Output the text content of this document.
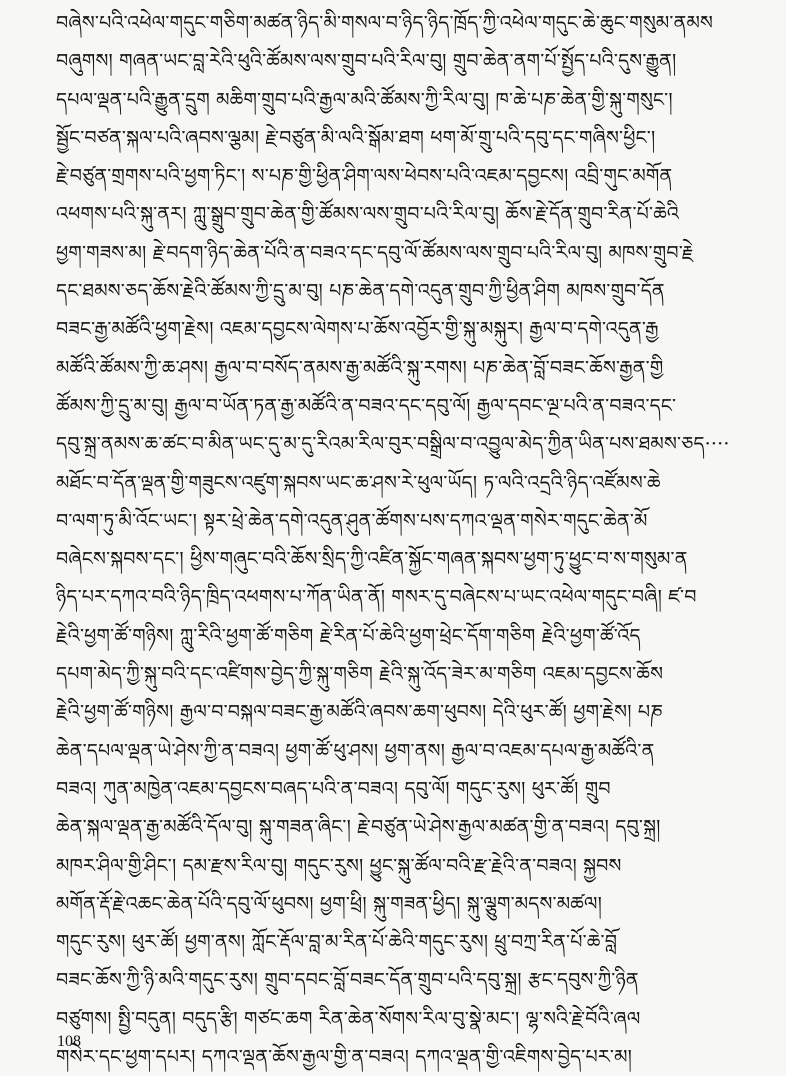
བཞེས་པའི་འཕེལ་གདུང་གཅིག་མཚན་ཉིད་མི་གསལ་བ་ཉིད་ཉིད་ཁྲོད་ཀྱི་འཕེལ་གདུང་ཆེ་ཆུང་གསུམ་ནམས
བཞུགས། གཞན་ཡང་བླ་རེའི་ཕུའི་ཚོམས་ལས་གྲུབ་པའི་རིལ་བུ། གྲུབ་ཆེན་ནག་པོ་སྤྱོད་པའི་དུས་རྒྱུན།
དཔལ་ལྡན་པའི་རྒྱུན་དྲུག མཆིག་གྲུབ་པའི་རྒྱལ་མའི་ཚོམས་ཀྱི་རིལ་བུ། ཁ་ཆེ་པཎ་ཆེན་གྱི་སྐུ་གསུང་།
སྦྱོང་བཙན་སྐལ་པའི་ཞབས་ལྕམ། རྗེ་བཙུན་མི་ལའི་སྒོམ་ཐག ཕག་མོ་གྲུ་པའི་དབུ་དང་གཞིས་ཕྱིང་།
རྗེ་བཙུན་གྲགས་པའི་ཕྱག་ཏིང་། ས་པཎ་གྱི་ཕྱིན་ཤིག་ལས་ཕེབས་པའི་འཇམ་དབྱངས། འབྲི་གུང་མགོན
འཕགས་པའི་སྐུ་ནར། ཀླུ་སྒྲུབ་གྲུབ་ཆེན་གྱི་ཚོམས་ལས་གྲུབ་པའི་རིལ་བུ། ཆོས་རྗེ་དོན་གྲུབ་རིན་པོ་ཆེའི
ཕྱག་གཟས་མ། རྗེ་བདག་ཉིད་ཆེན་པོའི་ན་བཟའ་དང་དབུ་ལོ་ཚོམས་ལས་གྲུབ་པའི་རིལ་བུ། མཁས་གྲུབ་རྗེ
དང་ཐམས་ཅད་ཆོས་རྗེའི་ཚོམས་ཀྱི་དྲུ་མ་བུ། པཎ་ཆེན་དགེ་འདུན་གྲུབ་ཀྱི་ཕྱིན་ཤིག མཁས་གྲུབ་དོན
བཟང་རྒྱ་མཚོའི་ཕྱག་རྗེས། འཇམ་དབྱངས་ལེགས་པ་ཆོས་འབྱོར་གྱི་སྐུ་མསྐུར། རྒྱལ་བ་དགེ་འདུན་རྒྱ
མཚོའི་ཚོམས་ཀྱི་ཆ་ཤས། རྒྱལ་བ་བསོད་ནམས་རྒྱ་མཚོའི་སྐུ་རགས། པཎ་ཆེན་བློ་བཟང་ཆོས་རྒྱན་གྱི
ཚོམས་ཀྱི་དྲུ་མ་བུ། རྒྱལ་བ་ཡོན་ཏན་རྒྱ་མཚོའི་ན་བཟའ་དང་དབུ་ལོ། རྒྱལ་དབང་ལྔ་པའི་ན་བཟའ་དང་
དབུ་སྐྲ་ནམས་ཆ་ཚང་བ་མིན་ཡང་དུ་མ་དུ་རིའམ་རིལ་བུར་བསྒྲིལ་བ་འབྱུལ་མེད་ཀྱིན་ཡིན་པས་ཐམས་ཅད····
མཐོང་བ་དོན་ལྡན་གྱི་གཟུངས་འཛུག་སྐབས་ཡང་ཆ་ཤས་རེ་ཕུལ་ཡོད། ཏ་ལའི་འདྲའི་ཉིད་འཛོམས་ཆེ
བ་ལག་ཏུ་མི་འོང་ཡང་། སྟར་ཕྲེ་ཆེན་དགེ་འདུན་ཤུན་ཚོགས་པས་དཀའ་ལྡན་གསེར་གདུང་ཆེན་མོ
བཞེངས་སྐབས་དང་། ཕྱིས་གཞུང་བའི་ཆོས་སྲིད་ཀྱི་འཛིན་སྐྱོང་གཞན་སྐབས་ཕྱག་ཏུ་ཕྱུང་བ་ས་གསུམ་ན
ཉིད་པར་དཀའ་བའི་ཉིད་ཁྲིད་འཕགས་པ་ཀོན་ཡིན་ནོ། གསར་དུ་བཞེངས་པ་ཡང་འཕེལ་གདུང་བཞི། ཛ་བ
རྗེའི་ཕྱག་ཚོ་གཉིས། ཀླུ་རིའི་ཕྱག་ཚོ་གཅིག རྗེ་རིན་པོ་ཆེའི་ཕྱག་ཕྲེང་དོག་གཅིག རྗེའི་ཕྱག་ཚོ་འོད
དཔག་མེད་ཀྱི་སྐུ་བའི་དང་འཛིགས་བྱེད་ཀྱི་སྐུ་གཅིག རྗེའི་སྐུ་འོད་ཟེར་མ་གཅིག འཇམ་དབྱངས་ཆོས
རྗེའི་ཕྱག་ཚོ་གཉིས། རྒྱལ་བ་བསྐལ་བཟང་རྒྱ་མཚོའི་ཞབས་ཆག་ཕུབས། དེའི་ཕུར་ཚོ། ཕྱག་རྗེས། པཎ
ཆེན་དཔལ་ལྡན་ཡེ་ཤེས་ཀྱི་ན་བཟའ། ཕྱག་ཚོ་ཕུ་ཤས། ཕྱག་ནས། རྒྱལ་བ་འཇམ་དཔལ་རྒྱ་མཚོའི་ན
བཟའ། ཀུན་མཁྱེན་འཇམ་དབྱངས་བཞད་པའི་ན་བཟའ། དབུ་ལོ། གདུང་རུས། ཕུར་ཚོ། གྲུབ
ཆེན་སྐལ་ལྡན་རྒྱ་མཚོའི་དོལ་བུ། སྐུ་གཟན་ཞིང་། རྗེ་བཙུན་ཡེ་ཤེས་རྒྱལ་མཚན་གྱི་ན་བཟའ། དབུ་སྐྲ།
མཁར་ཤིལ་གྱི་ཤིང་། དམ་རྫས་རིལ་བུ། གདུང་རུས། ཕྱུང་སྐུ་ཚོལ་བའི་རྫ་རྗེའི་ན་བཟའ། སྐྱབས
མགོན་རྡོ་རྗེ་འཆང་ཆེན་པོའི་དབུ་ལོ་ཕུབས། ཕྱག་ཕྲི། སྐུ་གཟན་ཕྱིད། སྐུ་ལྕུག་མདས་མཚལ།
གདུང་རུས། ཕུར་ཚོ། ཕྱག་ནས། ཀློང་རྡོལ་བླ་མ་རིན་པོ་ཆེའི་གདུང་རུས། ཕྲུ་བཀྲ་རིན་པོ་ཆེ་བློ
བཟང་ཆོས་ཀྱི་ཉི་མའི་གདུང་རུས། གྲུབ་དབང་བློ་བཟང་དོན་གྲུབ་པའི་དབུ་སྐྲ། རྩང་དབུས་ཀྱི་ཉིན
བཙུགས། སྤྱི་བདུན། བདུད་རྩི། གཙང་ཆག རིན་ཆེན་སོགས་རིལ་བུ་སྣེ་མང་། ལྷ་སའི་རྗེ་བོའི་ཞལ
གསེར་དང་ཕྱག་དཔར། དཀའ་ལྡན་ཆོས་རྒྱལ་གྱི་ན་བཟའ། དཀའ་ལྡན་གྱི་འཇིགས་བྱེད་པར་མ།
108
